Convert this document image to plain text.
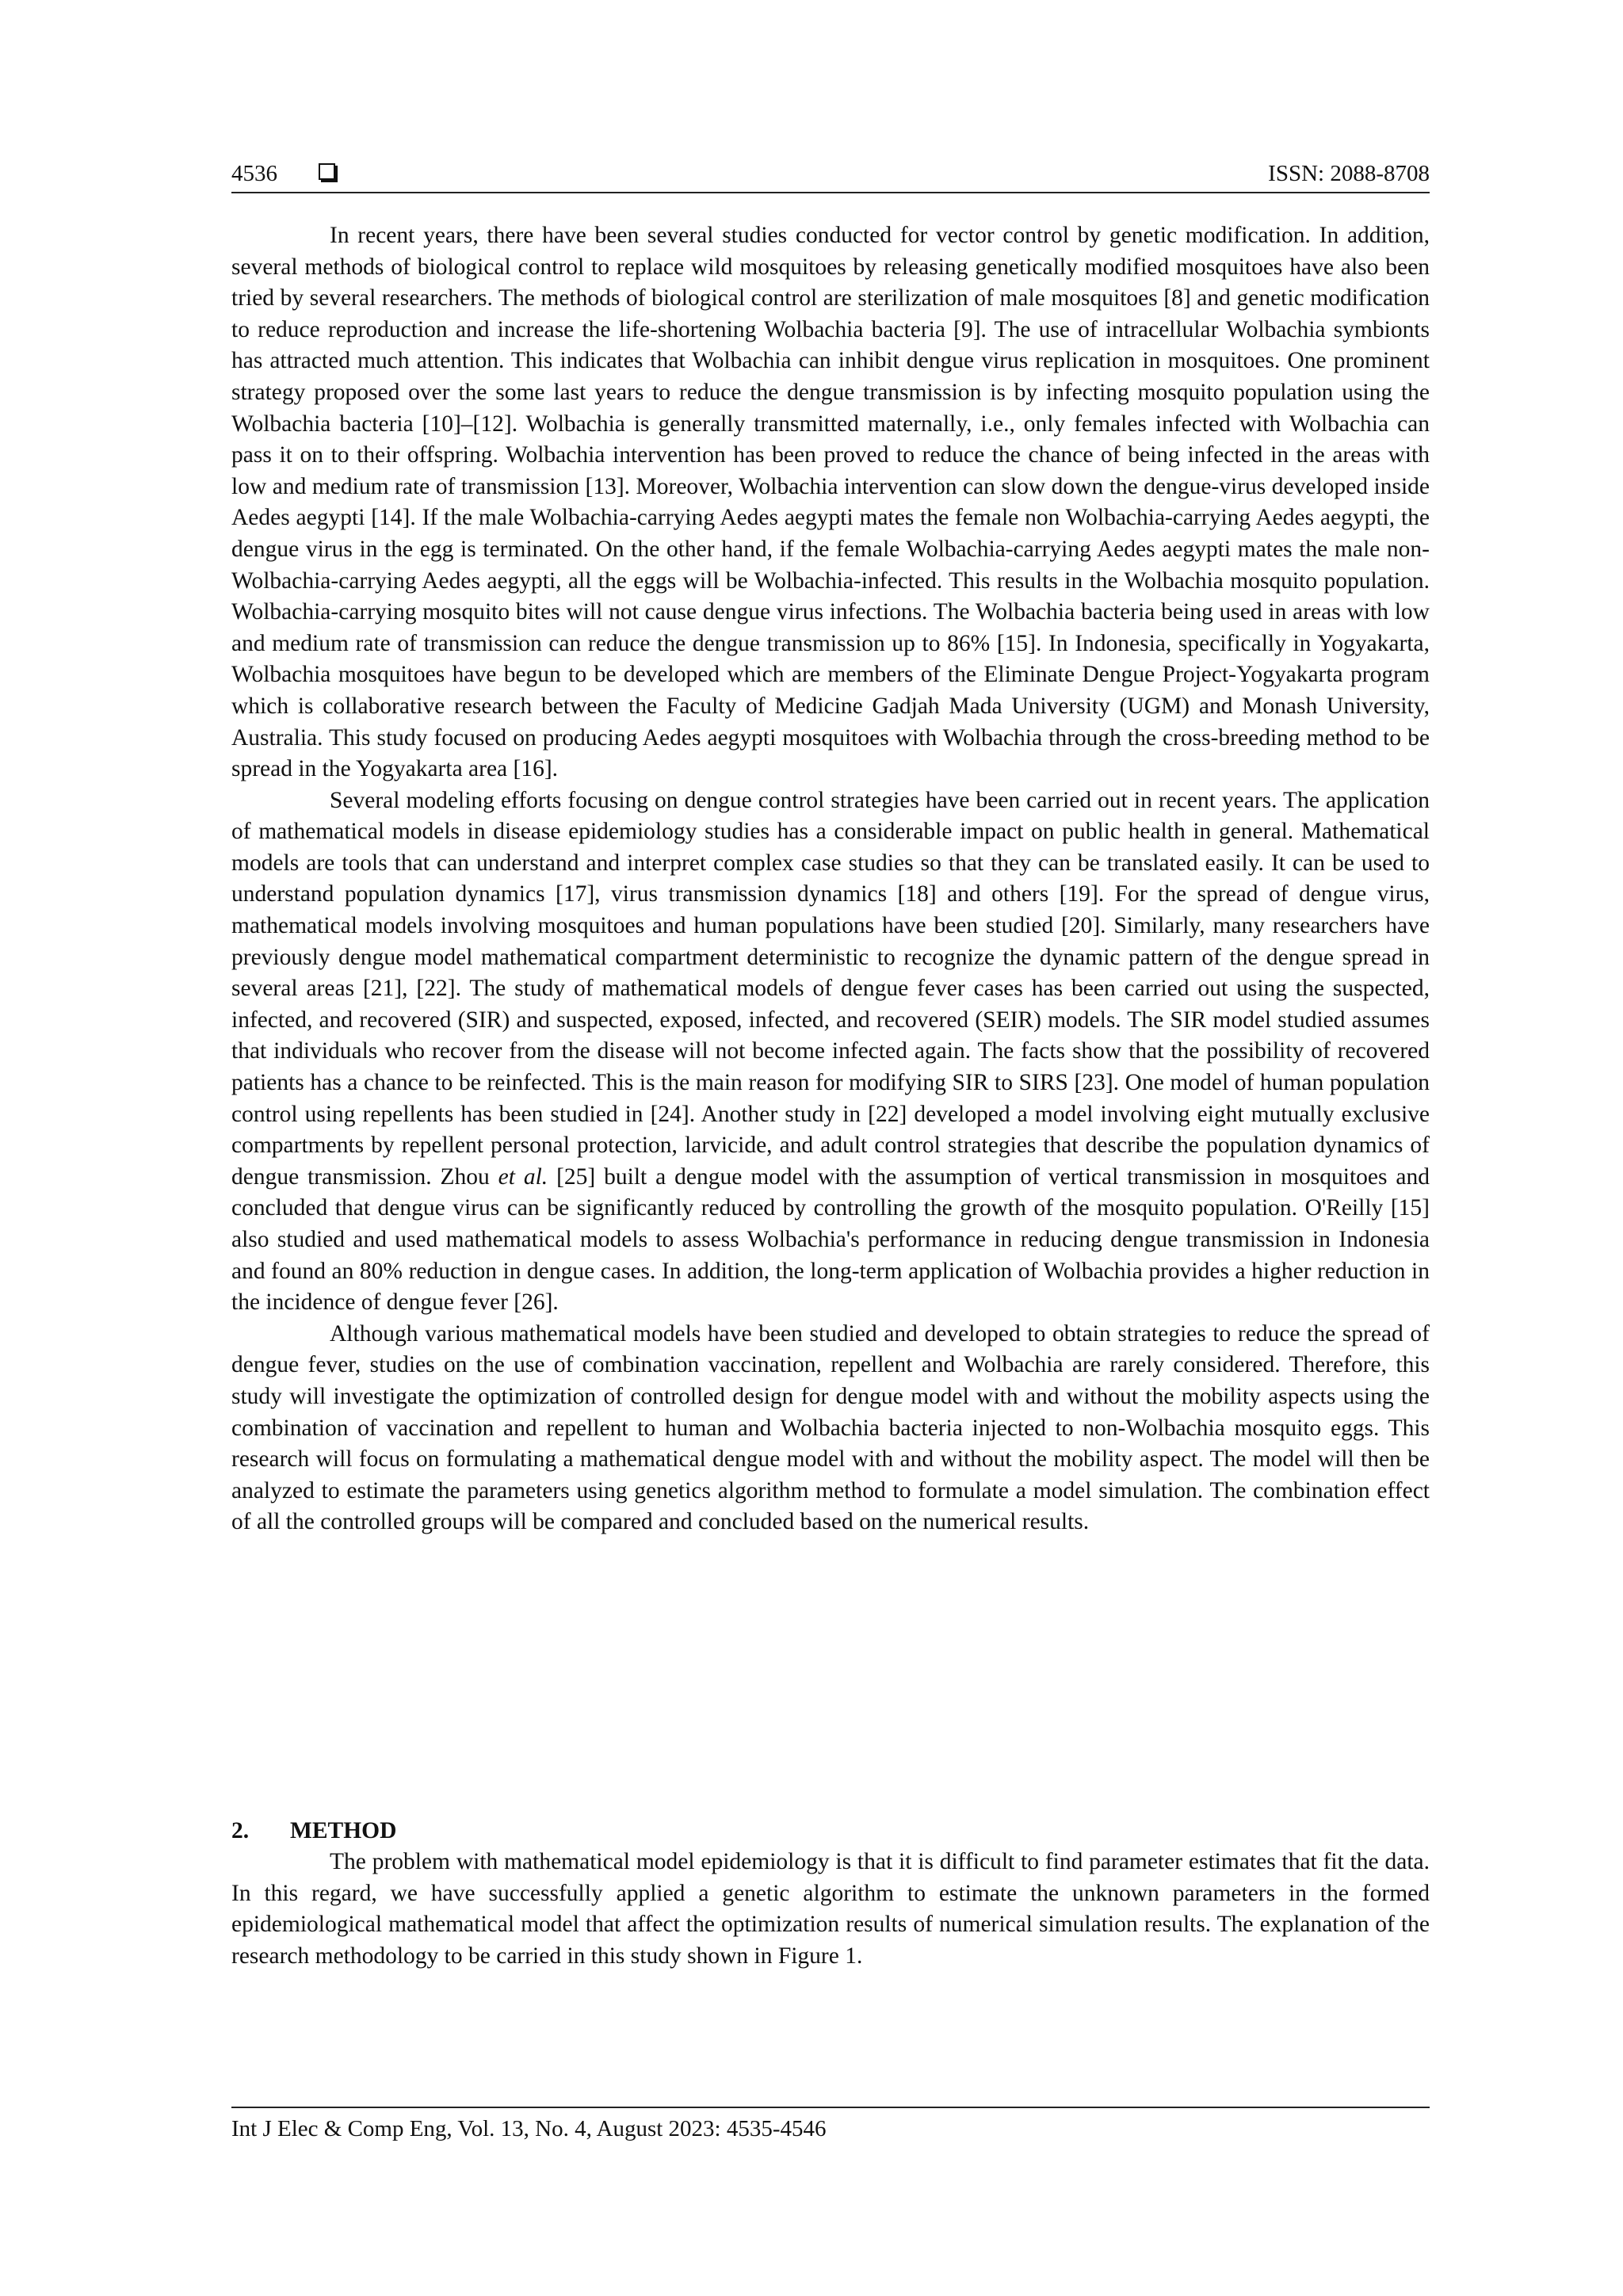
4536	ISSN: 2088-8708

In recent years, there have been several studies conducted for vector control by genetic modification. In addition, several methods of biological control to replace wild mosquitoes by releasing genetically modified mosquitoes have also been tried by several researchers. The methods of biological control are sterilization of male mosquitoes [8] and genetic modification to reduce reproduction and increase the life-shortening Wolbachia bacteria [9]. The use of intracellular Wolbachia symbionts has attracted much attention. This indicates that Wolbachia can inhibit dengue virus replication in mosquitoes. One prominent strategy proposed over the some last years to reduce the dengue transmission is by infecting mosquito population using the Wolbachia bacteria [10]–[12]. Wolbachia is generally transmitted maternally, i.e., only females infected with Wolbachia can pass it on to their offspring. Wolbachia intervention has been proved to reduce the chance of being infected in the areas with low and medium rate of transmission [13]. Moreover, Wolbachia intervention can slow down the dengue-virus developed inside Aedes aegypti [14]. If the male Wolbachia-carrying Aedes aegypti mates the female non Wolbachia-carrying Aedes aegypti, the dengue virus in the egg is terminated. On the other hand, if the female Wolbachia-carrying Aedes aegypti mates the male non-Wolbachia-carrying Aedes aegypti, all the eggs will be Wolbachia-infected. This results in the Wolbachia mosquito population. Wolbachia-carrying mosquito bites will not cause dengue virus infections. The Wolbachia bacteria being used in areas with low and medium rate of transmission can reduce the dengue transmission up to 86% [15]. In Indonesia, specifically in Yogyakarta, Wolbachia mosquitoes have begun to be developed which are members of the Eliminate Dengue Project-Yogyakarta program which is collaborative research between the Faculty of Medicine Gadjah Mada University (UGM) and Monash University, Australia. This study focused on producing Aedes aegypti mosquitoes with Wolbachia through the cross-breeding method to be spread in the Yogyakarta area [16].

Several modeling efforts focusing on dengue control strategies have been carried out in recent years. The application of mathematical models in disease epidemiology studies has a considerable impact on public health in general. Mathematical models are tools that can understand and interpret complex case studies so that they can be translated easily. It can be used to understand population dynamics [17], virus transmission dynamics [18] and others [19]. For the spread of dengue virus, mathematical models involving mosquitoes and human populations have been studied [20]. Similarly, many researchers have previously dengue model mathematical compartment deterministic to recognize the dynamic pattern of the dengue spread in several areas [21], [22]. The study of mathematical models of dengue fever cases has been carried out using the suspected, infected, and recovered (SIR) and suspected, exposed, infected, and recovered (SEIR) models. The SIR model studied assumes that individuals who recover from the disease will not become infected again. The facts show that the possibility of recovered patients has a chance to be reinfected. This is the main reason for modifying SIR to SIRS [23]. One model of human population control using repellents has been studied in [24]. Another study in [22] developed a model involving eight mutually exclusive compartments by repellent personal protection, larvicide, and adult control strategies that describe the population dynamics of dengue transmission. Zhou et al. [25] built a dengue model with the assumption of vertical transmission in mosquitoes and concluded that dengue virus can be significantly reduced by controlling the growth of the mosquito population. O'Reilly [15] also studied and used mathematical models to assess Wolbachia's performance in reducing dengue transmission in Indonesia and found an 80% reduction in dengue cases. In addition, the long-term application of Wolbachia provides a higher reduction in the incidence of dengue fever [26].

Although various mathematical models have been studied and developed to obtain strategies to reduce the spread of dengue fever, studies on the use of combination vaccination, repellent and Wolbachia are rarely considered. Therefore, this study will investigate the optimization of controlled design for dengue model with and without the mobility aspects using the combination of vaccination and repellent to human and Wolbachia bacteria injected to non-Wolbachia mosquito eggs. This research will focus on formulating a mathematical dengue model with and without the mobility aspect. The model will then be analyzed to estimate the parameters using genetics algorithm method to formulate a model simulation. The combination effect of all the controlled groups will be compared and concluded based on the numerical results.

2. METHOD

The problem with mathematical model epidemiology is that it is difficult to find parameter estimates that fit the data. In this regard, we have successfully applied a genetic algorithm to estimate the unknown parameters in the formed epidemiological mathematical model that affect the optimization results of numerical simulation results. The explanation of the research methodology to be carried in this study shown in Figure 1.

Int J Elec & Comp Eng, Vol. 13, No. 4, August 2023: 4535-4546
